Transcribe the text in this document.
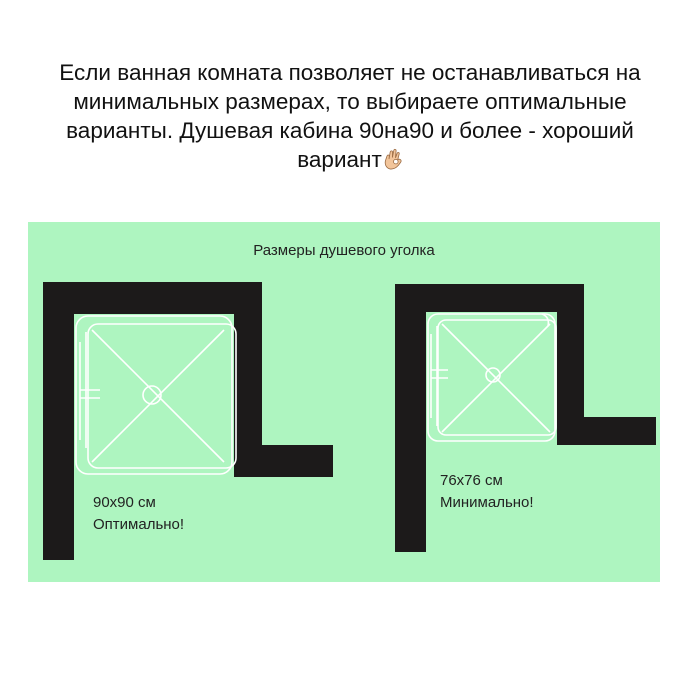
Если ванная комната позволяет не останавливаться на
минимальных размерах, то выбираете оптимальные
варианты. Душевая кабина 90на90 и более - хороший
вариант
Размеры душевого уголка
90x90 см
Оптимально!
76x76 см
Минимально!
